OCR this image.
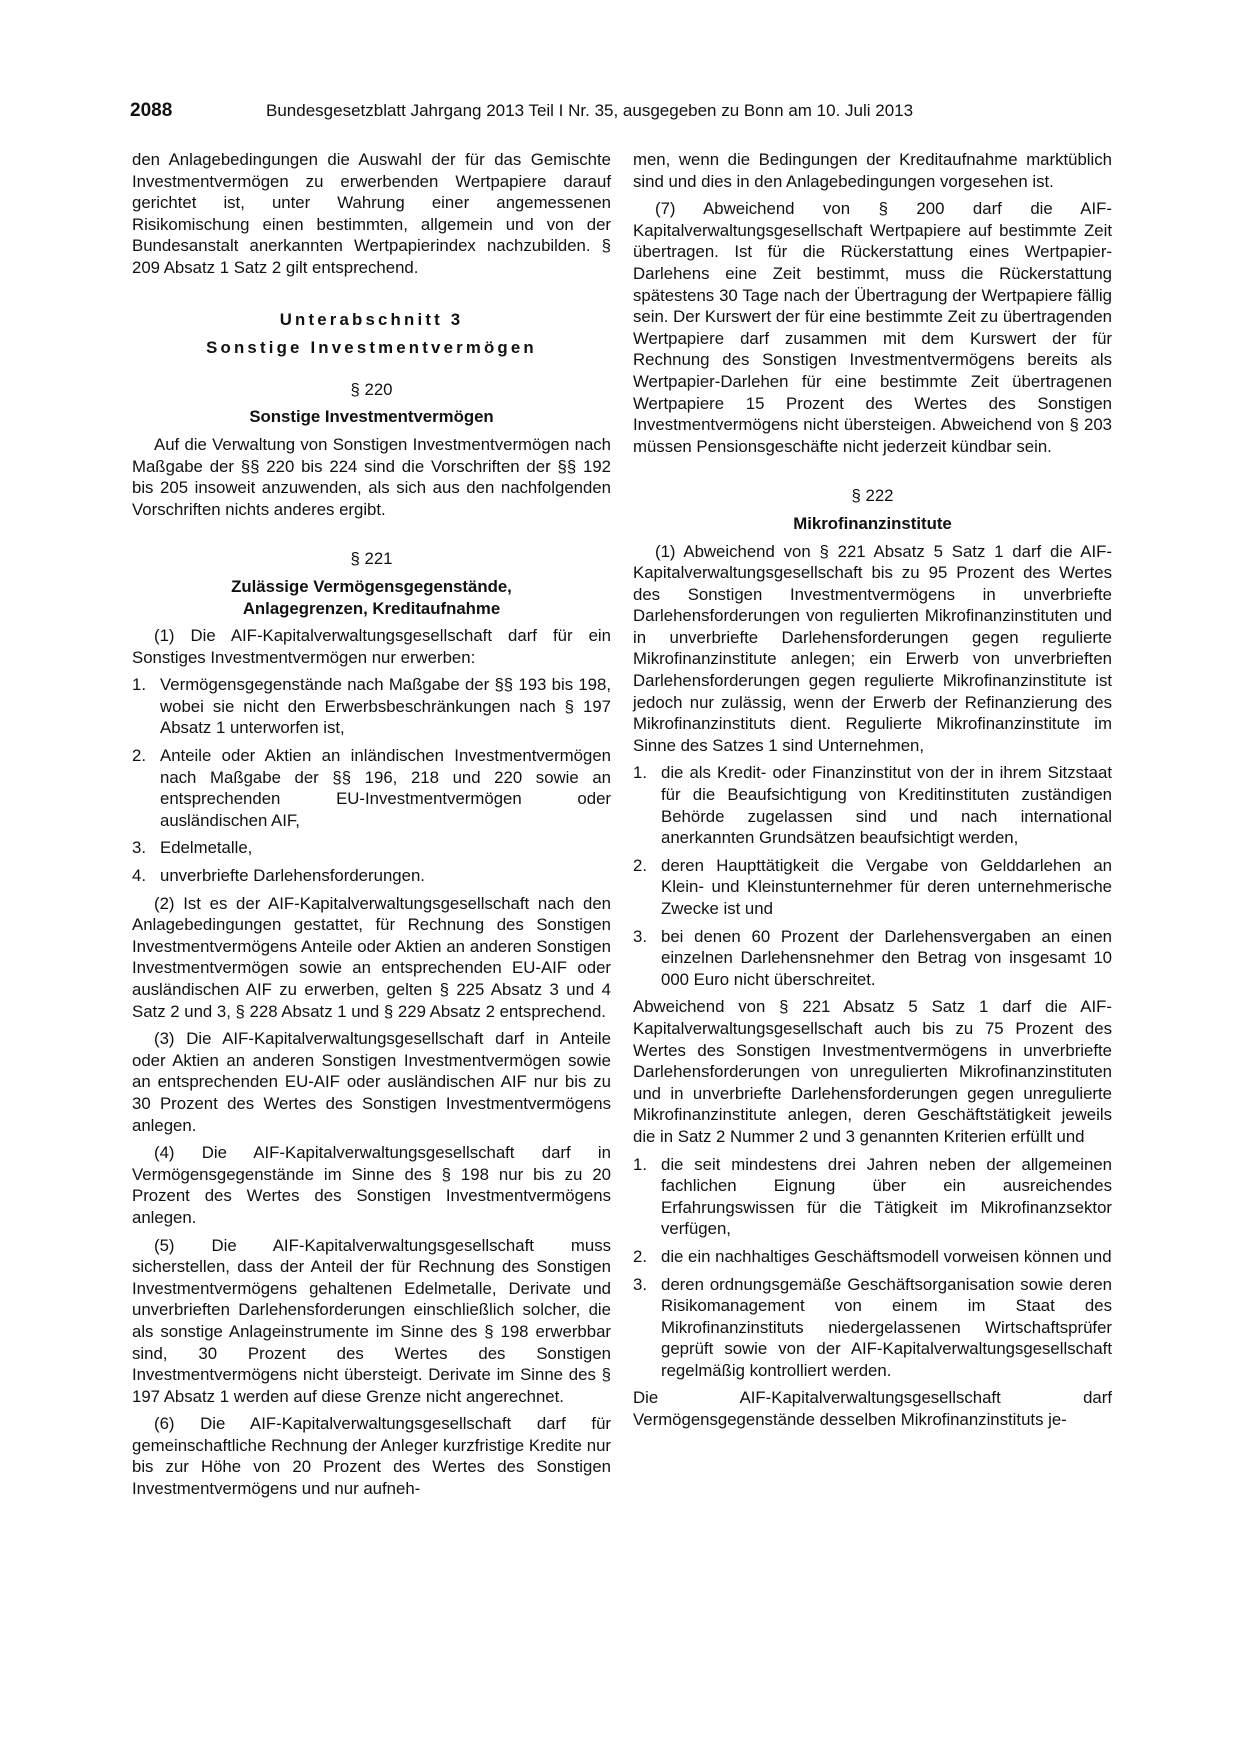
2088	Bundesgesetzblatt Jahrgang 2013 Teil I Nr. 35, ausgegeben zu Bonn am 10. Juli 2013

den Anlagebedingungen die Auswahl der für das Gemischte Investmentvermögen zu erwerbenden Wertpapiere darauf gerichtet ist, unter Wahrung einer angemessenen Risikomischung einen bestimmten, allgemein und von der Bundesanstalt anerkannten Wertpapierindex nachzubilden. § 209 Absatz 1 Satz 2 gilt entsprechend.

Unterabschnitt 3
Sonstige Investmentvermögen
§ 220
Sonstige Investmentvermögen

Auf die Verwaltung von Sonstigen Investmentvermögen nach Maßgabe der §§ 220 bis 224 sind die Vorschriften der §§ 192 bis 205 insoweit anzuwenden, als sich aus den nachfolgenden Vorschriften nichts anderes ergibt.

§ 221
Zulässige Vermögensgegenstände,
Anlagegrenzen, Kreditaufnahme

(1) Die AIF-Kapitalverwaltungsgesellschaft darf für ein Sonstiges Investmentvermögen nur erwerben:

1. Vermögensgegenstände nach Maßgabe der §§ 193 bis 198, wobei sie nicht den Erwerbsbeschränkungen nach § 197 Absatz 1 unterworfen ist,
2. Anteile oder Aktien an inländischen Investmentvermögen nach Maßgabe der §§ 196, 218 und 220 sowie an entsprechenden EU-Investmentvermögen oder ausländischen AIF,
3. Edelmetalle,
4. unverbriefte Darlehensforderungen.

(2) Ist es der AIF-Kapitalverwaltungsgesellschaft nach den Anlagebedingungen gestattet, für Rechnung des Sonstigen Investmentvermögens Anteile oder Aktien an anderen Sonstigen Investmentvermögen sowie an entsprechenden EU-AIF oder ausländischen AIF zu erwerben, gelten § 225 Absatz 3 und 4 Satz 2 und 3, § 228 Absatz 1 und § 229 Absatz 2 entsprechend.

(3) Die AIF-Kapitalverwaltungsgesellschaft darf in Anteile oder Aktien an anderen Sonstigen Investmentvermögen sowie an entsprechenden EU-AIF oder ausländischen AIF nur bis zu 30 Prozent des Wertes des Sonstigen Investmentvermögens anlegen.

(4) Die AIF-Kapitalverwaltungsgesellschaft darf in Vermögensgegenstände im Sinne des § 198 nur bis zu 20 Prozent des Wertes des Sonstigen Investmentvermögens anlegen.

(5) Die AIF-Kapitalverwaltungsgesellschaft muss sicherstellen, dass der Anteil der für Rechnung des Sonstigen Investmentvermögens gehaltenen Edelmetalle, Derivate und unverbrieften Darlehensforderungen einschließlich solcher, die als sonstige Anlageinstrumente im Sinne des § 198 erwerbbar sind, 30 Prozent des Wertes des Sonstigen Investmentvermögens nicht übersteigt. Derivate im Sinne des § 197 Absatz 1 werden auf diese Grenze nicht angerechnet.

(6) Die AIF-Kapitalverwaltungsgesellschaft darf für gemeinschaftliche Rechnung der Anleger kurzfristige Kredite nur bis zur Höhe von 20 Prozent des Wertes des Sonstigen Investmentvermögens und nur aufneh-

men, wenn die Bedingungen der Kreditaufnahme marktüblich sind und dies in den Anlagebedingungen vorgesehen ist.

(7) Abweichend von § 200 darf die AIF-Kapitalverwaltungsgesellschaft Wertpapiere auf bestimmte Zeit übertragen. Ist für die Rückerstattung eines Wertpapier-Darlehens eine Zeit bestimmt, muss die Rückerstattung spätestens 30 Tage nach der Übertragung der Wertpapiere fällig sein. Der Kurswert der für eine bestimmte Zeit zu übertragenden Wertpapiere darf zusammen mit dem Kurswert der für Rechnung des Sonstigen Investmentvermögens bereits als Wertpapier-Darlehen für eine bestimmte Zeit übertragenen Wertpapiere 15 Prozent des Wertes des Sonstigen Investmentvermögens nicht übersteigen. Abweichend von § 203 müssen Pensionsgeschäfte nicht jederzeit kündbar sein.

§ 222
Mikrofinanzinstitute

(1) Abweichend von § 221 Absatz 5 Satz 1 darf die AIF-Kapitalverwaltungsgesellschaft bis zu 95 Prozent des Wertes des Sonstigen Investmentvermögens in unverbriefte Darlehensforderungen von regulierten Mikrofinanzinstituten und in unverbriefte Darlehensforderungen gegen regulierte Mikrofinanzinstitute anlegen; ein Erwerb von unverbrieften Darlehensforderungen gegen regulierte Mikrofinanzinstitute ist jedoch nur zulässig, wenn der Erwerb der Refinanzierung des Mikrofinanzinstituts dient. Regulierte Mikrofinanzinstitute im Sinne des Satzes 1 sind Unternehmen,

1. die als Kredit- oder Finanzinstitut von der in ihrem Sitzstaat für die Beaufsichtigung von Kreditinstituten zuständigen Behörde zugelassen sind und nach international anerkannten Grundsätzen beaufsichtigt werden,
2. deren Haupttätigkeit die Vergabe von Gelddarlehen an Klein- und Kleinstunternehmer für deren unternehmerische Zwecke ist und
3. bei denen 60 Prozent der Darlehensvergaben an einen einzelnen Darlehensnehmer den Betrag von insgesamt 10 000 Euro nicht überschreitet.

Abweichend von § 221 Absatz 5 Satz 1 darf die AIF-Kapitalverwaltungsgesellschaft auch bis zu 75 Prozent des Wertes des Sonstigen Investmentvermögens in unverbriefte Darlehensforderungen von unregulierten Mikrofinanzinstituten und in unverbriefte Darlehensforderungen gegen unregulierte Mikrofinanzinstitute anlegen, deren Geschäftstätigkeit jeweils die in Satz 2 Nummer 2 und 3 genannten Kriterien erfüllt und

1. die seit mindestens drei Jahren neben der allgemeinen fachlichen Eignung über ein ausreichendes Erfahrungswissen für die Tätigkeit im Mikrofinanzsektor verfügen,
2. die ein nachhaltiges Geschäftsmodell vorweisen können und
3. deren ordnungsgemäße Geschäftsorganisation sowie deren Risikomanagement von einem im Staat des Mikrofinanzinstituts niedergelassenen Wirtschaftsprüfer geprüft sowie von der AIF-Kapitalverwaltungsgesellschaft regelmäßig kontrolliert werden.

Die AIF-Kapitalverwaltungsgesellschaft darf Vermögensgegenstände desselben Mikrofinanzinstituts je-
